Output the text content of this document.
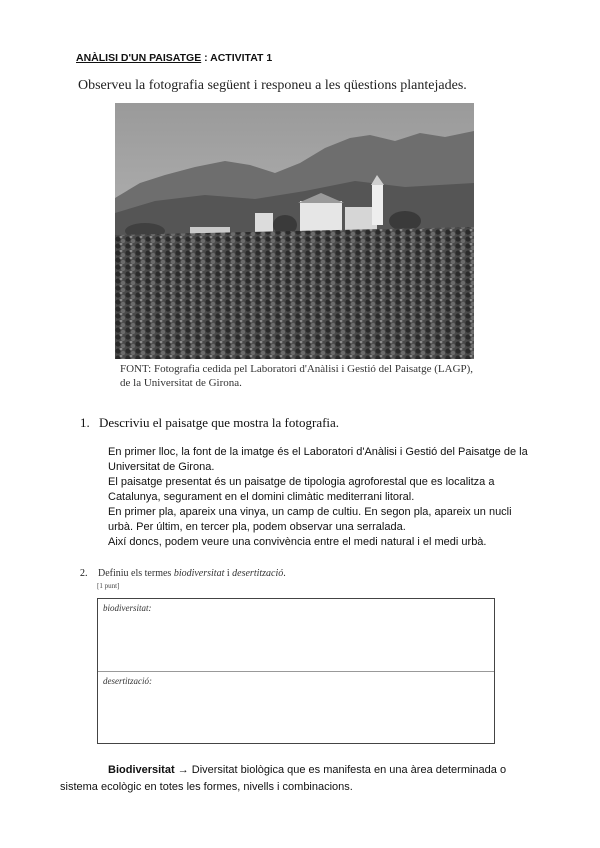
ANÀLISI D'UN PAISATGE : ACTIVITAT 1
Observeu la fotografia següent i responeu a les qüestions plantejades.
FONT: Fotografia cedida pel Laboratori d'Anàlisi i Gestió del Paisatge (LAGP), de la Universitat de Girona.
1. Descriviu el paisatge que mostra la fotografia.

En primer lloc, la font de la imatge és el Laboratori d'Anàlisi i Gestió del Paisatge de la Universitat de Girona.

El paisatge presentat és un paisatge de tipologia agroforestal que es localitza a Catalunya, segurament en el domini climàtic mediterrani litoral.

En primer pla, apareix una vinya, un camp de cultiu. En segon pla, apareix un nucli urbà. Per últim, en tercer pla, podem observar una serralada.

Així doncs, podem veure una convivència entre el medi natural i el medi urbà.

2. Definiu els termes biodiversitat i desertització.
[1 punt]
biodiversitat:
desertització:
Biodiversitat → Diversitat biològica que es manifesta en una àrea determinada o sistema ecològic en totes les formes, nivells i combinacions.
